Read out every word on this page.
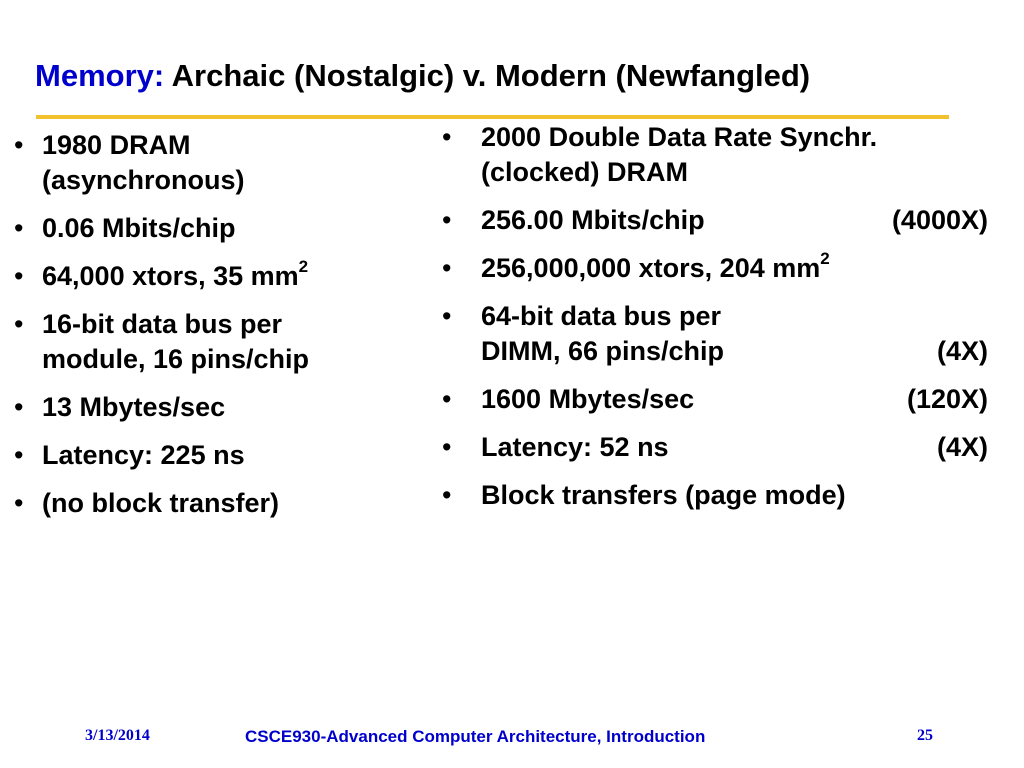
Memory: Archaic (Nostalgic) v. Modern (Newfangled)
• 1980 DRAM
(asynchronous)
• 0.06 Mbits/chip
• 64,000 xtors, 35 $mm^2$
• 16-bit data bus per
module, 16 pins/chip
• 13 Mbytes/sec
• Latency: 225 ns
• (no block transfer)
• 2000 Double Data Rate Synchr.
(clocked) DRAM
• 256.00 Mbits/chip	(4000X)
• 256,000,000 xtors, 204 $mm^2$
• 64-bit data bus per
DIMM, 66 pins/chip	(4X)
• 1600 Mbytes/sec	(120X)
• Latency: 52 ns	(4X)
• Block transfers (page mode)
3/13/2014	CSCE930-Advanced Computer Architecture, Introduction	25
